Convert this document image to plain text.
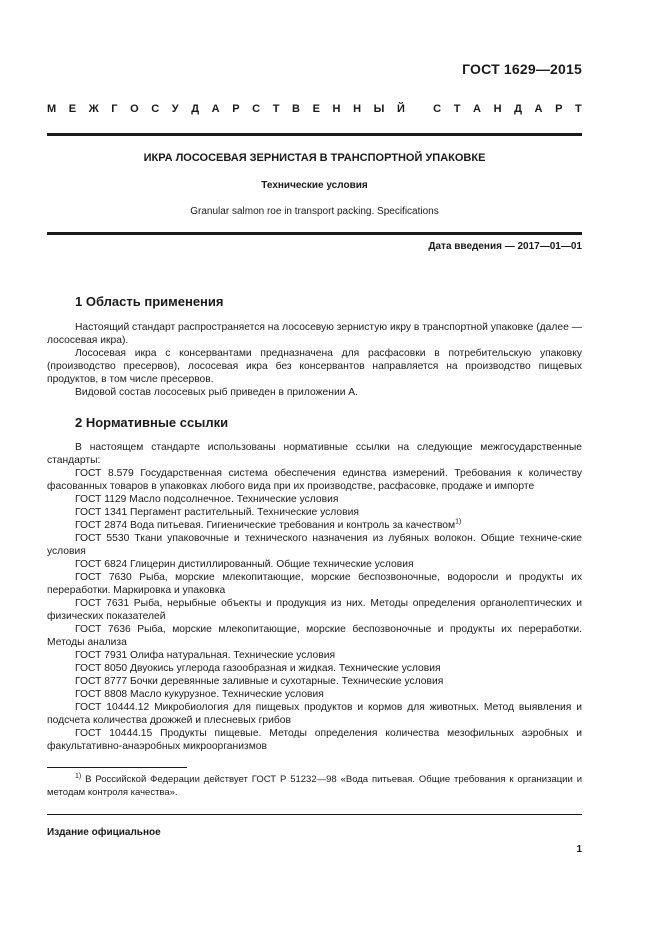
ГОСТ 1629—2015
М Е Ж Г О С У Д А Р С Т В Е Н Н Ы Й
	С Т А Н Д А Р Т
ИКРА ЛОСОСЕВАЯ ЗЕРНИСТАЯ В ТРАНСПОРТНОЙ УПАКОВКЕ
Технические условия
Granular salmon roe in transport packing. Specifications
Дата введения — 2017—01—01
1 Область применения

Настоящий стандарт распространяется на лососевую зернистую икру в транспортной упаковке (далее — лососевая икра).

Лососевая икра с консервантами предназначена для расфасовки в потребительскую упаковку (производство пресервов), лососевая икра без консервантов направляется на производство пищевых продуктов, в том числе пресервов.

Видовой состав лососевых рыб приведен в приложении А.

2 Нормативные ссылки

В настоящем стандарте использованы нормативные ссылки на следующие межгосударственные стандарты:

ГОСТ 8.579 Государственная система обеспечения единства измерений. Требования к количеству фасованных товаров в упаковках любого вида при их производстве, расфасовке, продаже и импорте

ГОСТ 1129 Масло подсолнечное. Технические условия

ГОСТ 1341 Пергамент растительный. Технические условия

ГОСТ 2874 Вода питьевая. Гигиенические требования и контроль за качеством$^{1)}$

ГОСТ 5530 Ткани упаковочные и технического назначения из лубяных волокон. Общие техниче-ские условия

ГОСТ 6824 Глицерин дистиллированный. Общие технические условия

ГОСТ 7630 Рыба, морские млекопитающие, морские беспозвоночные, водоросли и продукты их переработки. Маркировка и упаковка

ГОСТ 7631 Рыба, нерыбные объекты и продукция из них. Методы определения органолептических и физических показателей

ГОСТ 7636 Рыба, морские млекопитающие, морские беспозвоночные и продукты их переработки. Методы анализа

ГОСТ 7931 Олифа натуральная. Технические условия

ГОСТ 8050 Двуокись углерода газообразная и жидкая. Технические условия

ГОСТ 8777 Бочки деревянные заливные и сухотарные. Технические условия

ГОСТ 8808 Масло кукурузное. Технические условия

ГОСТ 10444.12 Микробиология для пищевых продуктов и кормов для животных. Метод выявления и подсчета количества дрожжей и плесневых грибов

ГОСТ 10444.15 Продукты пищевые. Методы определения количества мезофильных аэробных и факультативно-анаэробных микроорганизмов

$^{1)}$ В Российской Федерации действует ГОСТ Р 51232—98 «Вода питьевая. Общие требования к организации и методам контроля качества».

Издание официальное
1
